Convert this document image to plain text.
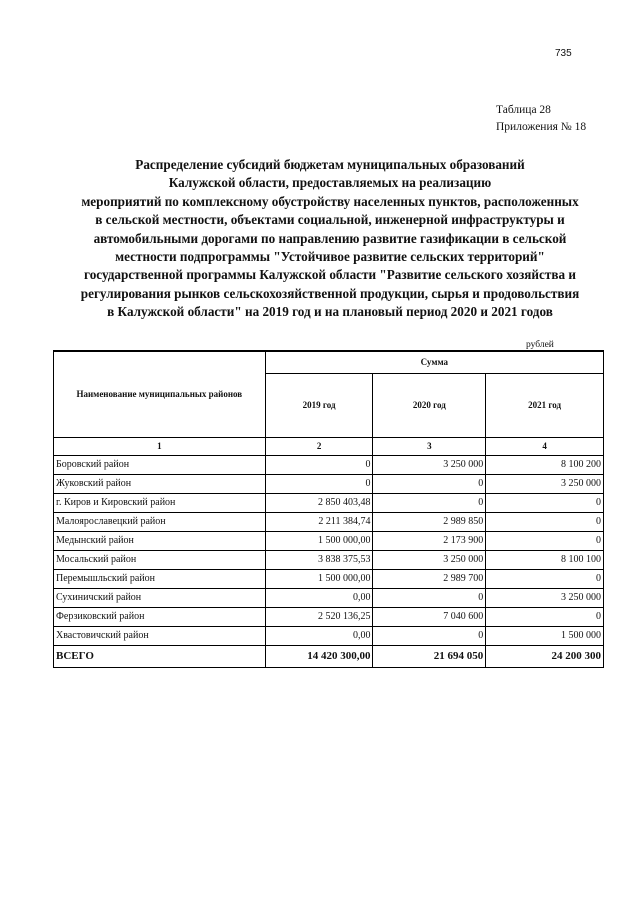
735
Таблица 28
Приложения № 18
Распределение субсидий бюджетам муниципальных образований
Калужской области, предоставляемых на реализацию
мероприятий по комплексному обустройству населенных пунктов, расположенных
в сельской местности, объектами социальной, инженерной инфраструктуры и
автомобильными дорогами по направлению развитие газификации в сельской
местности подпрограммы "Устойчивое развитие сельских территорий"
государственной программы Калужской области "Развитие сельского хозяйства и
регулирования рынков сельскохозяйственной продукции, сырья и продовольствия
в Калужской области" на 2019 год и на плановый период 2020 и 2021 годов
рублей
Наименование муниципальных районов	Сумма		
	2019 год	2020 год	2021 год
1	2	3	4
Боровский район	0	3 250 000	8 100 200
Жуковский район	0	0	3 250 000
г. Киров и Кировский район	2 850 403,48	0	0
Малоярославецкий район	2 211 384,74	2 989 850	0
Медынский район	1 500 000,00	2 173 900	0
Мосальский район	3 838 375,53	3 250 000	8 100 100
Перемышльский район	1 500 000,00	2 989 700	0
Сухиничский район	0,00	0	3 250 000
Ферзиковский район	2 520 136,25	7 040 600	0
Хвастовичский район	0,00	0	1 500 000
ВСЕГО	14 420 300,00	21 694 050	24 200 300
